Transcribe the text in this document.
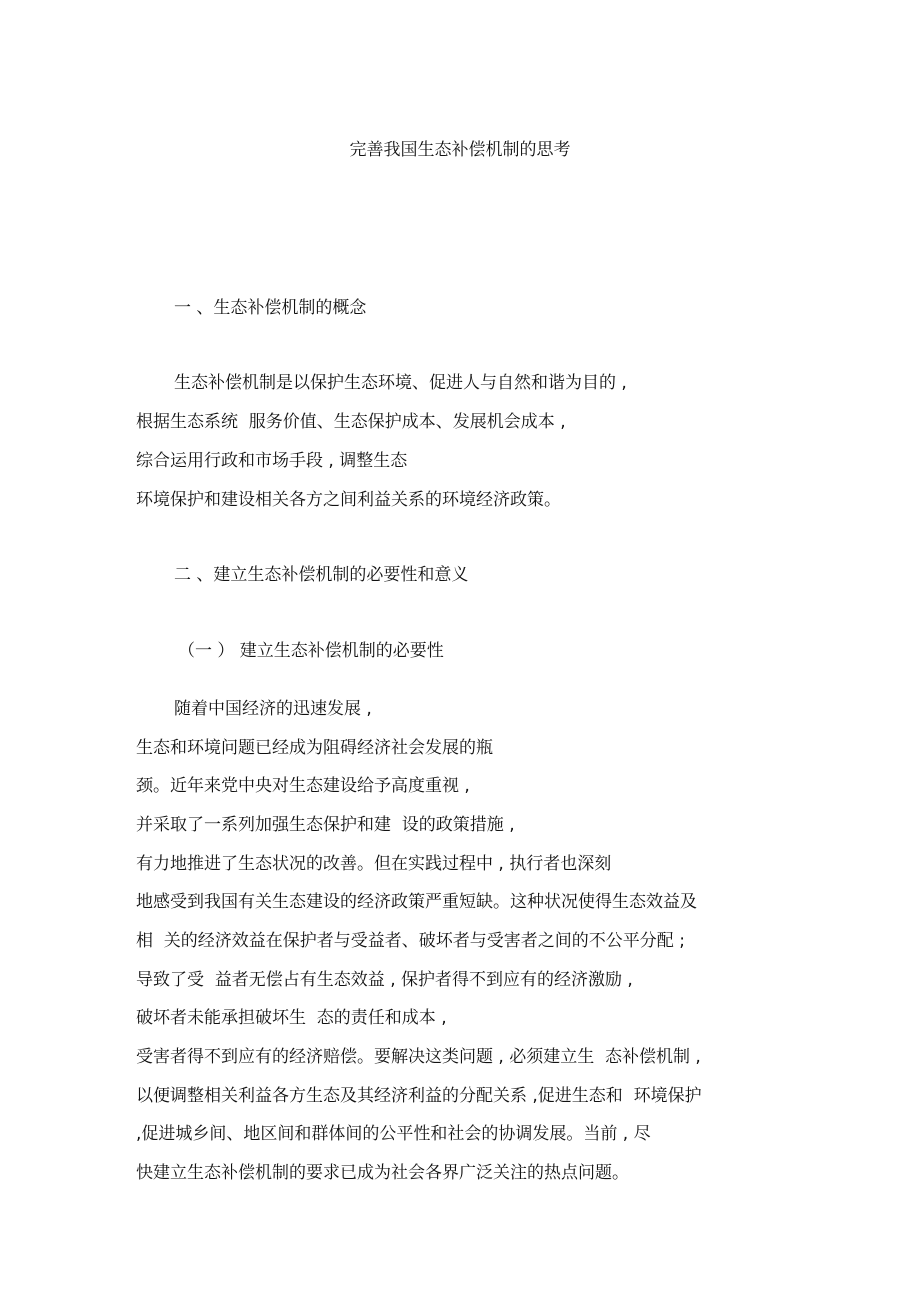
完善我国生态补偿机制的思考
一 、生态补偿机制的概念
生态补偿机制是以保护生态环境、促进人与自然和谐为目的 ,
根据生态系统  服务价值、生态保护成本、发展机会成本 ,
综合运用行政和市场手段 , 调整生态
环境保护和建设相关各方之间利益关系的环境经济政策。
二 、建立生态补偿机制的必要性和意义
（一 ） 建立生态补偿机制的必要性
随着中国经济的迅速发展 ,
生态和环境问题已经成为阻碍经济社会发展的瓶
颈。近年来党中央对生态建设给予高度重视 ,
并采取了一系列加强生态保护和建  设的政策措施 ,
有力地推进了生态状况的改善。但在实践过程中 , 执行者也深刻
地感受到我国有关生态建设的经济政策严重短缺。这种状况使得生态效益及
相  关的经济效益在保护者与受益者、破坏者与受害者之间的不公平分配 ;
导致了受  益者无偿占有生态效益 , 保护者得不到应有的经济激励 ,
破坏者未能承担破坏生  态的责任和成本 ,
受害者得不到应有的经济赔偿。要解决这类问题 , 必须建立生  态补偿机制 ,
以便调整相关利益各方生态及其经济利益的分配关系 ,促进生态和  环境保护
,促进城乡间、地区间和群体间的公平性和社会的协调发展。当前 , 尽
快建立生态补偿机制的要求已成为社会各界广泛关注的热点问题。
